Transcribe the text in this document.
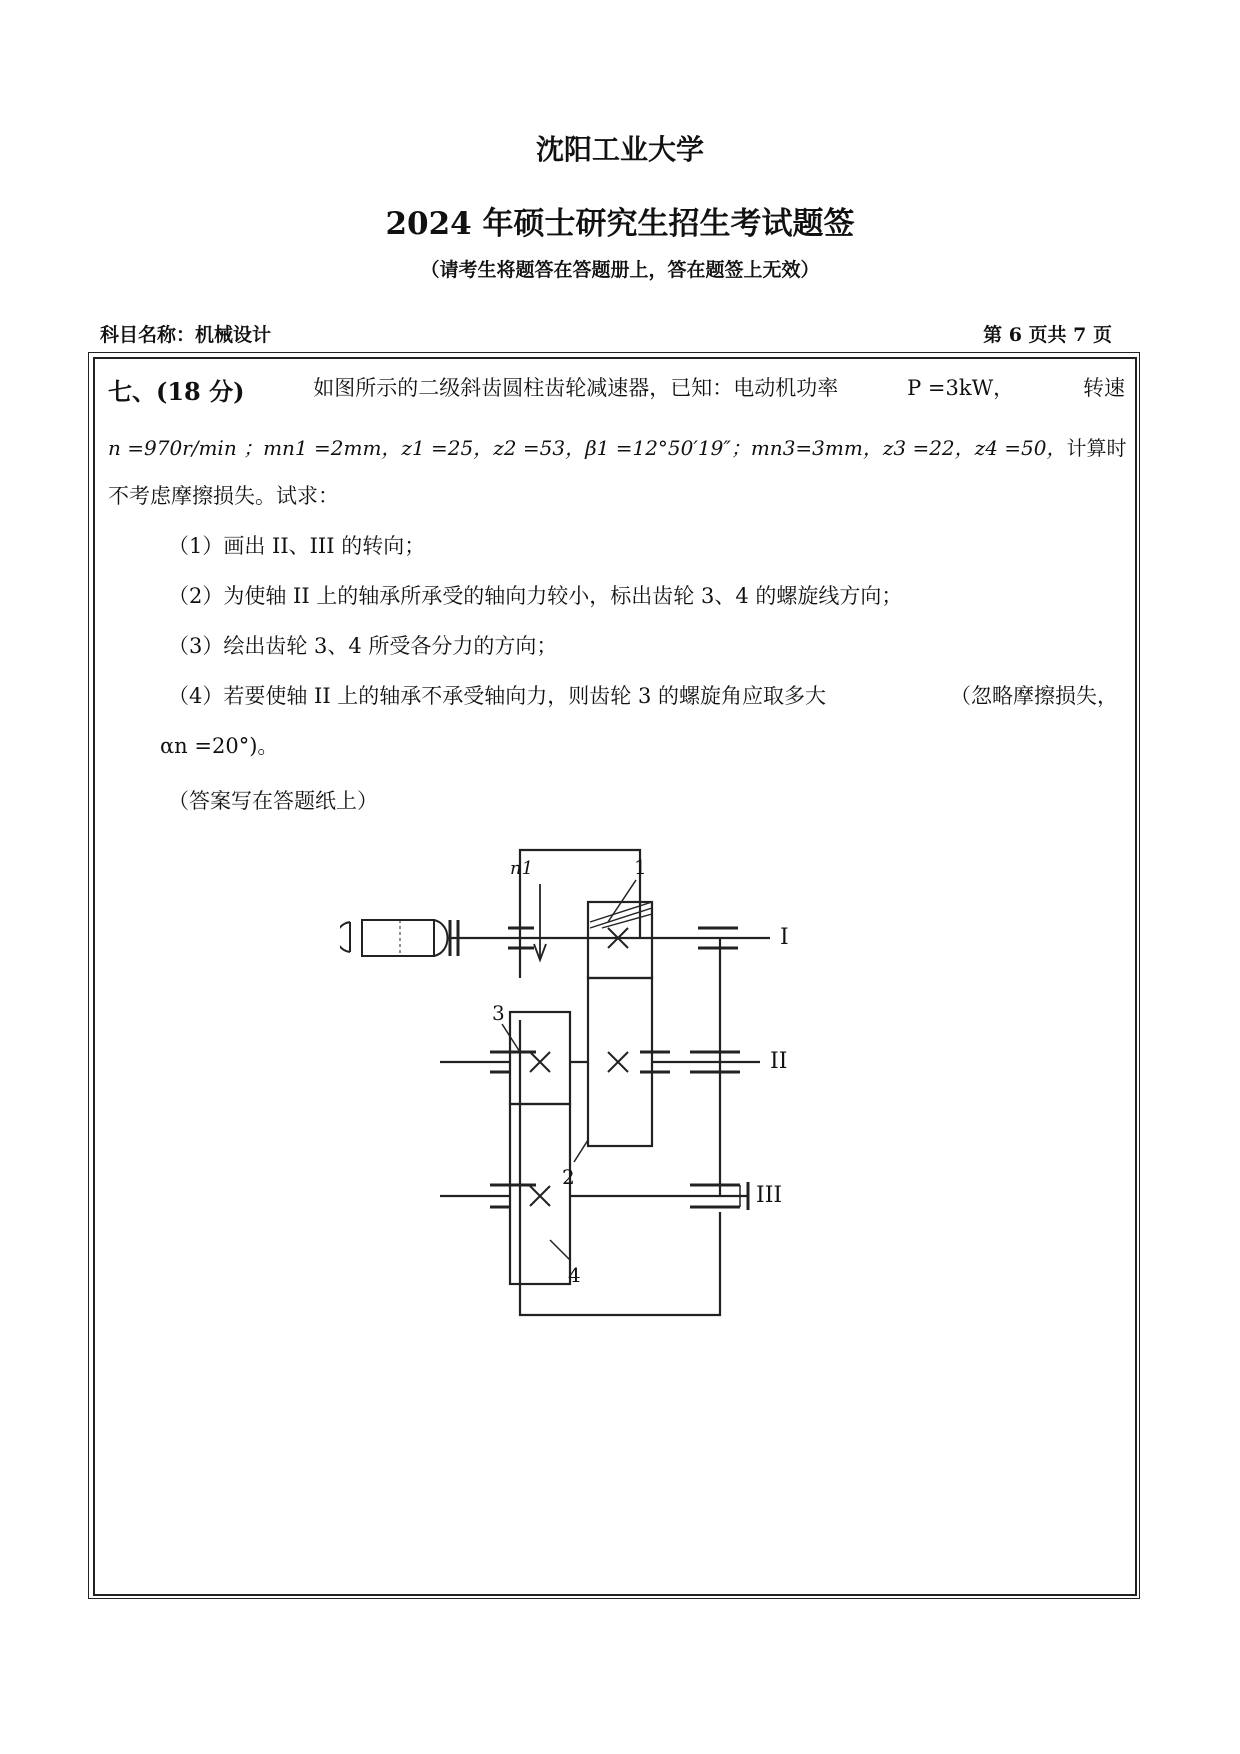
沈阳工业大学
2024 年硕士研究生招生考试题签
（请考生将题答在答题册上，答在题签上无效）
科目名称：机械设计	第 6 页共 7 页
七、(18 分)	如图所示的二级斜齿圆柱齿轮减速器，已知：电动机功率	P =3kW，	转速
n =970r/min ； mn1 =2mm， z1 =25， z2 =53， β1 =12°50′19″； mn3=3mm， z3 =22， z4 =50， 计算时
不考虑摩擦损失。试求：
（1）画出 II、III 的转向；
（2）为使轴 II 上的轴承所承受的轴向力较小，标出齿轮 3、4 的螺旋线方向；
（3）绘出齿轮 3、4 所受各分力的方向；
（4）若要使轴 II 上的轴承不承受轴向力，则齿轮 3 的螺旋角应取多大	（忽略摩擦损失，
αn =20°)。
（答案写在答题纸上）
n1	1
2
3
4
I
II
III
